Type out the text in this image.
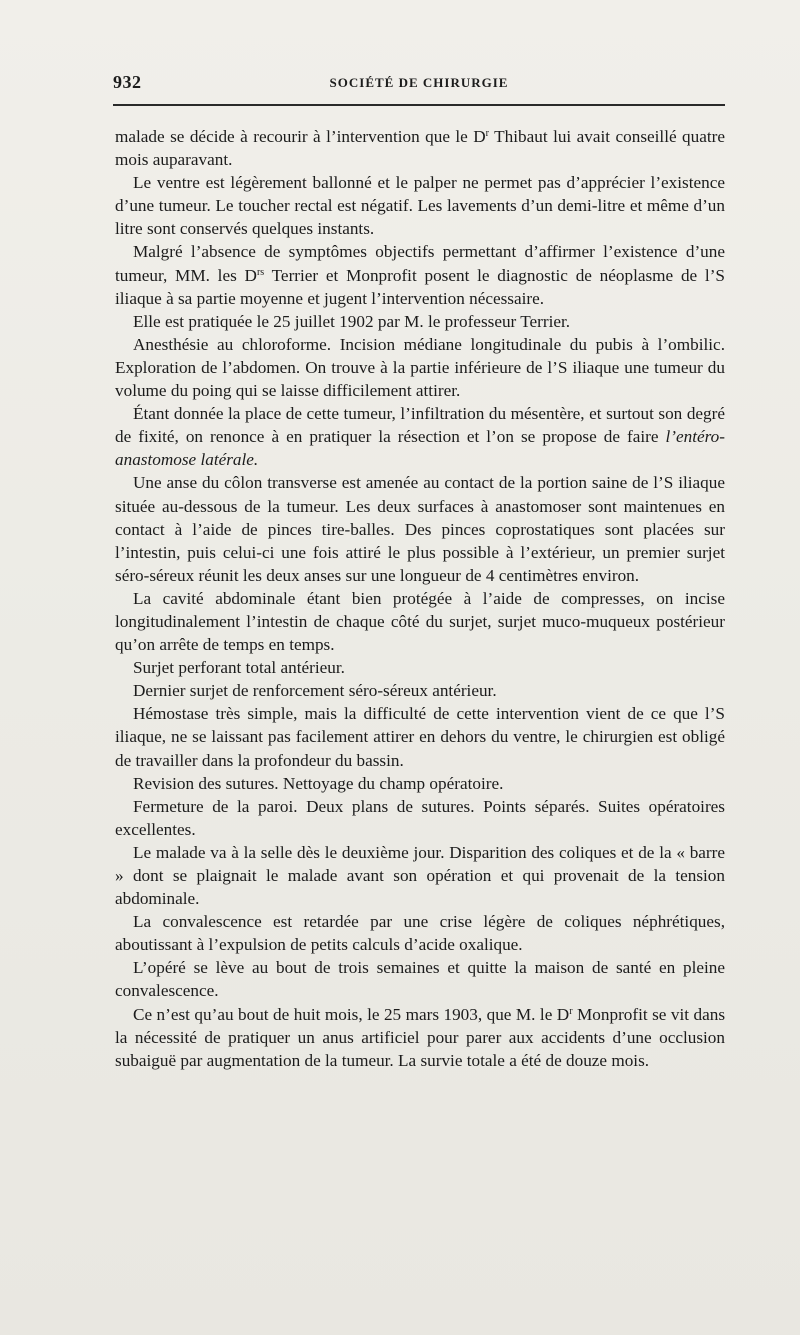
932	SOCIÉTÉ DE CHIRURGIE

malade se décide à recourir à l’intervention que le $D^r$ Thibaut lui avait conseillé quatre mois auparavant.

Le ventre est légèrement ballonné et le palper ne permet pas d’apprécier l’existence d’une tumeur. Le toucher rectal est négatif. Les lavements d’un demi-litre et même d’un litre sont conservés quelques instants.

Malgré l’absence de symptômes objectifs permettant d’affirmer l’existence d’une tumeur, MM. les $D^{rs}$ Terrier et Monprofit posent le diagnostic de néoplasme de l’S iliaque à sa partie moyenne et jugent l’intervention nécessaire.

Elle est pratiquée le 25 juillet 1902 par M. le professeur Terrier.

Anesthésie au chloroforme. Incision médiane longitudinale du pubis à l’ombilic. Exploration de l’abdomen. On trouve à la partie inférieure de l’S iliaque une tumeur du volume du poing qui se laisse difficilement attirer.

Étant donnée la place de cette tumeur, l’infiltration du mésentère, et surtout son degré de fixité, on renonce à en pratiquer la résection et l’on se propose de faire l’entéro-anastomose latérale.

Une anse du côlon transverse est amenée au contact de la portion saine de l’S iliaque située au-dessous de la tumeur. Les deux surfaces à anastomoser sont maintenues en contact à l’aide de pinces tire-balles. Des pinces coprostatiques sont placées sur l’intestin, puis celui-ci une fois attiré le plus possible à l’extérieur, un premier surjet séro-séreux réunit les deux anses sur une longueur de 4 centimètres environ.

La cavité abdominale étant bien protégée à l’aide de compresses, on incise longitudinalement l’intestin de chaque côté du surjet, surjet muco-muqueux postérieur qu’on arrête de temps en temps.

Surjet perforant total antérieur.

Dernier surjet de renforcement séro-séreux antérieur.

Hémostase très simple, mais la difficulté de cette intervention vient de ce que l’S iliaque, ne se laissant pas facilement attirer en dehors du ventre, le chirurgien est obligé de travailler dans la profondeur du bassin.

Revision des sutures. Nettoyage du champ opératoire.

Fermeture de la paroi. Deux plans de sutures. Points séparés. Suites opératoires excellentes.

Le malade va à la selle dès le deuxième jour. Disparition des coliques et de la « barre » dont se plaignait le malade avant son opération et qui provenait de la tension abdominale.

La convalescence est retardée par une crise légère de coliques néphrétiques, aboutissant à l’expulsion de petits calculs d’acide oxalique.

L’opéré se lève au bout de trois semaines et quitte la maison de santé en pleine convalescence.

Ce n’est qu’au bout de huit mois, le 25 mars 1903, que M. le $D^r$ Monprofit se vit dans la nécessité de pratiquer un anus artificiel pour parer aux accidents d’une occlusion subaiguë par augmentation de la tumeur. La survie totale a été de douze mois.
